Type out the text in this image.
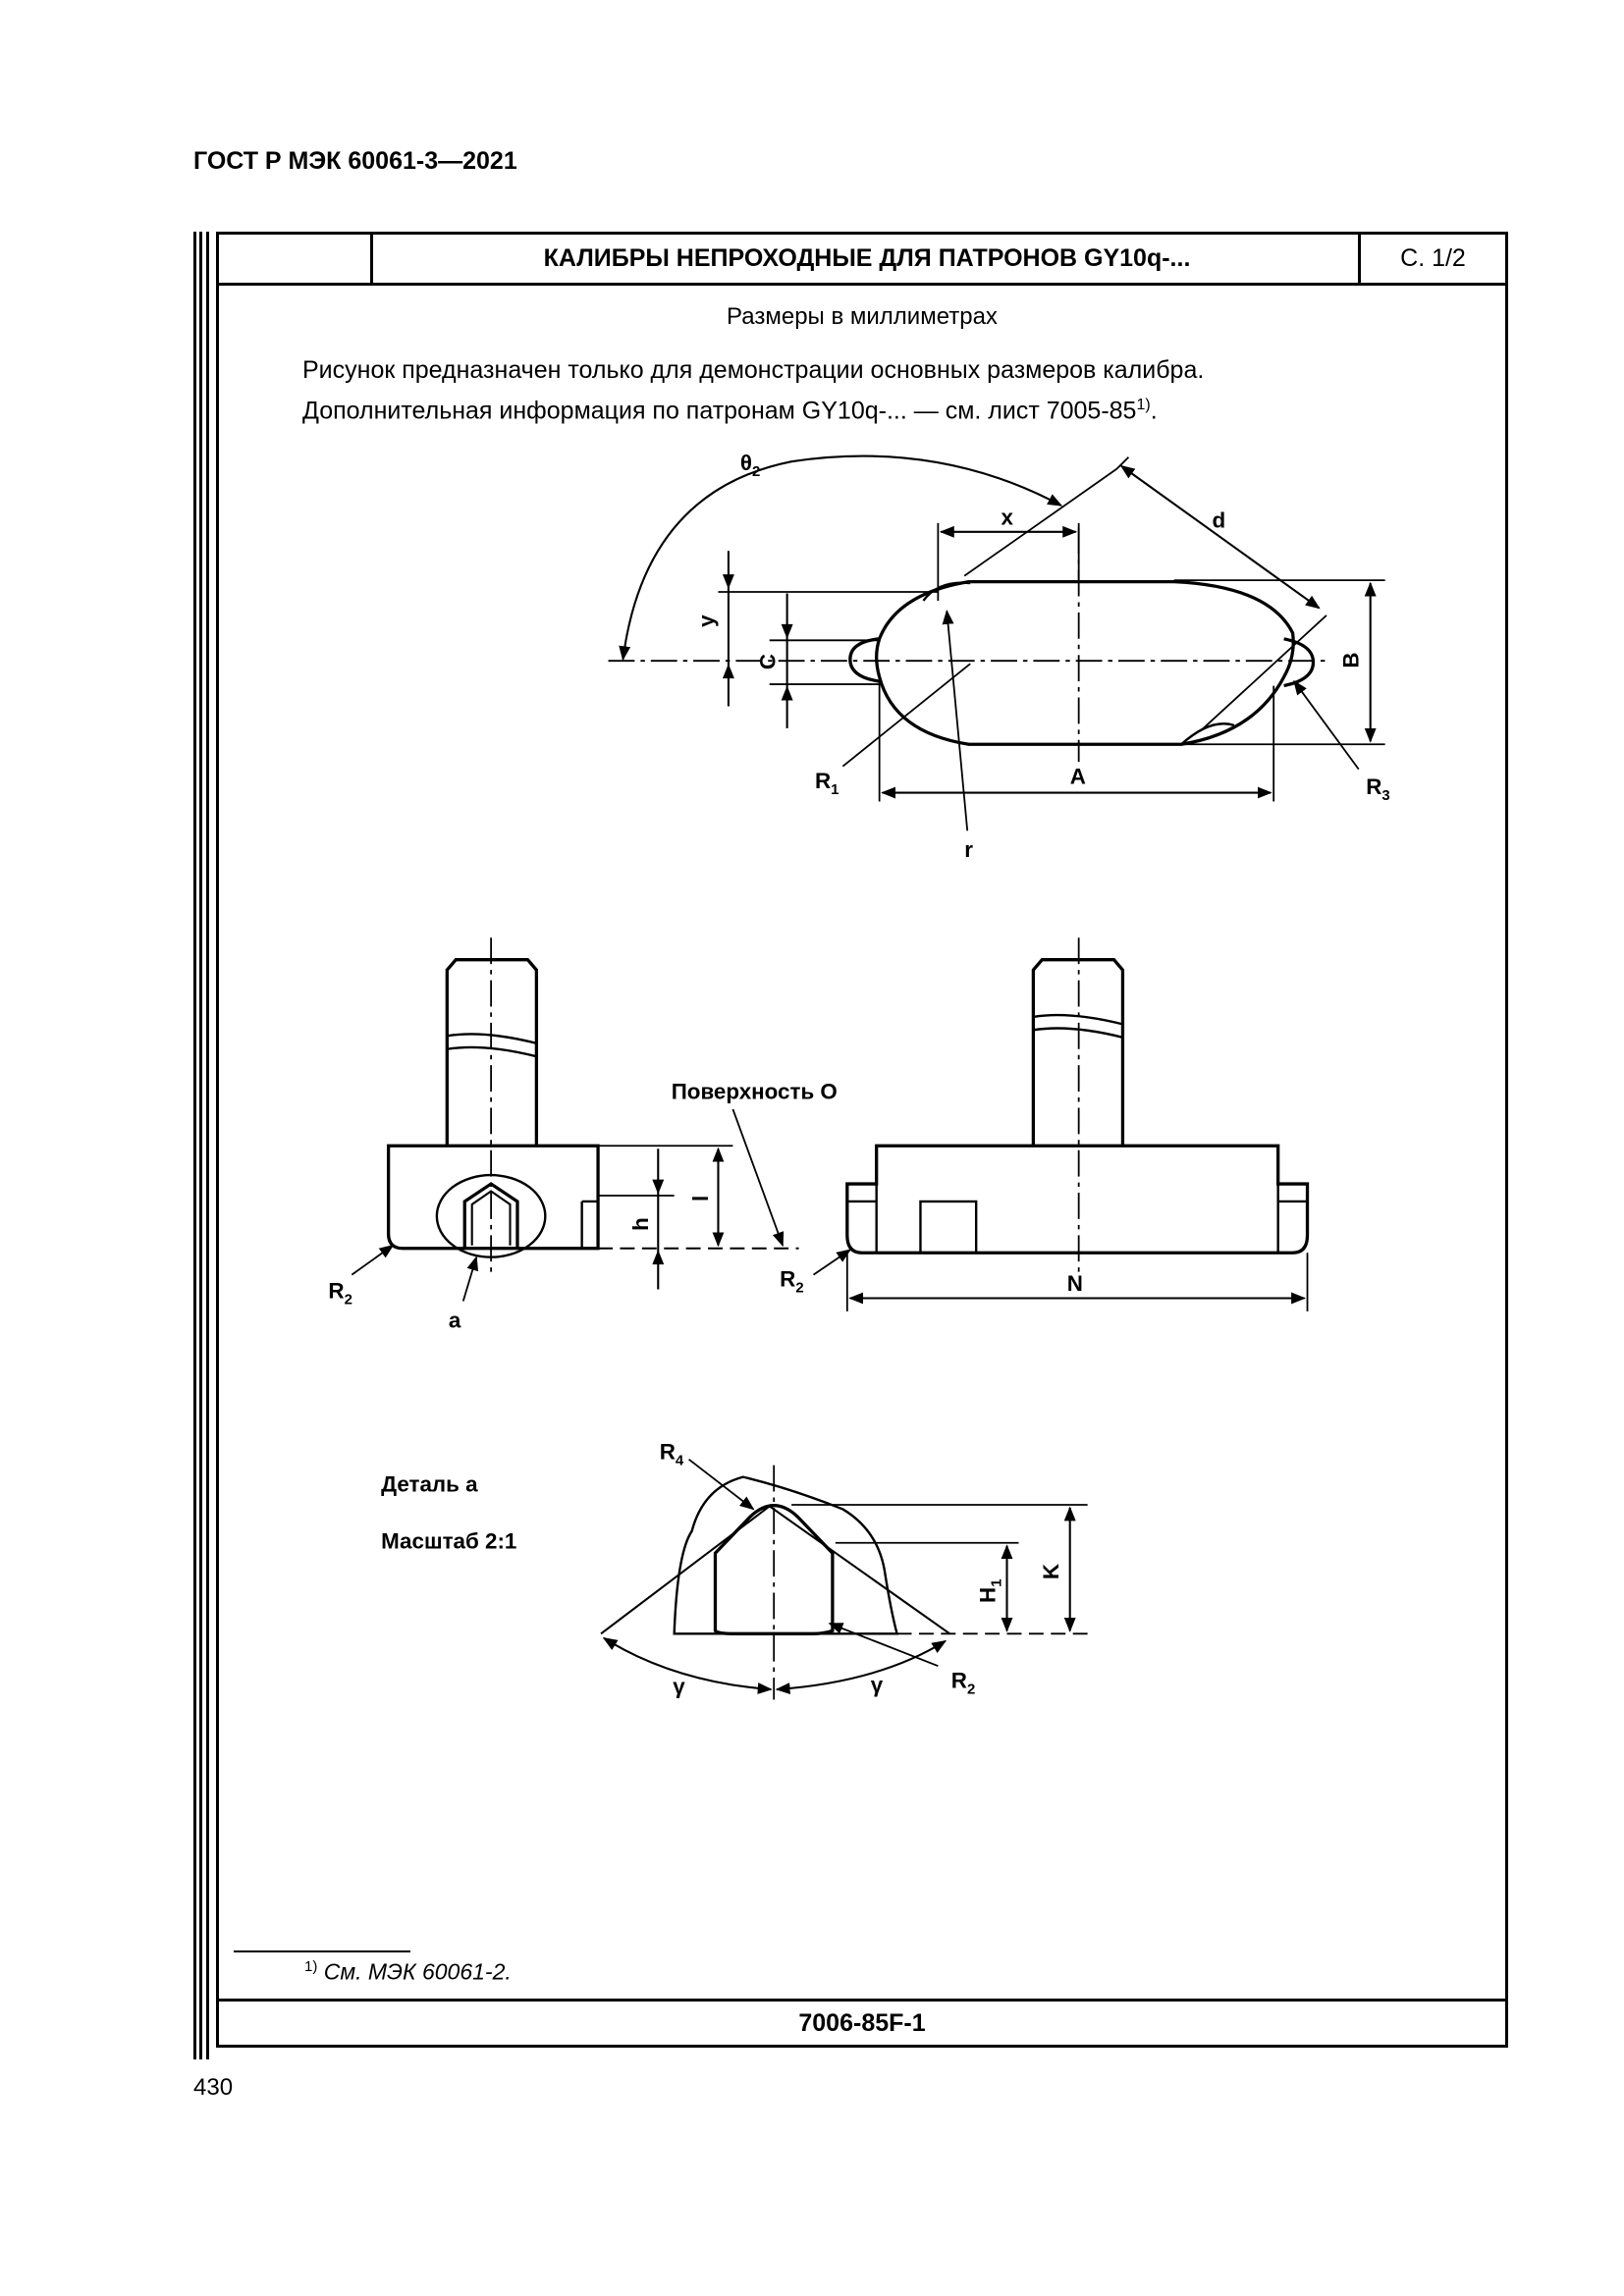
ГОСТ Р МЭК 60061-3—2021
КАЛИБРЫ НЕПРОХОДНЫЕ ДЛЯ ПАТРОНОВ GY10q-...	С. 1/2
Размеры в миллиметрах
Рисунок предназначен только для демонстрации основных размеров калибра.
Дополнительная информация по патронам GY10q-... — см. лист 7005-85$^{1)}$.
$^{1)}$ См. МЭК 60061-2.
7006-85F-1
$\theta_2$
x	d
y
C	B
A
$R_1$	$R_3$
r
Поверхность О
h
l
$R_2$
a
N
$R_2$
Деталь а
Масштаб 2:1
$R_4$
$R_2$
$H_1$
K
γ	γ
430
